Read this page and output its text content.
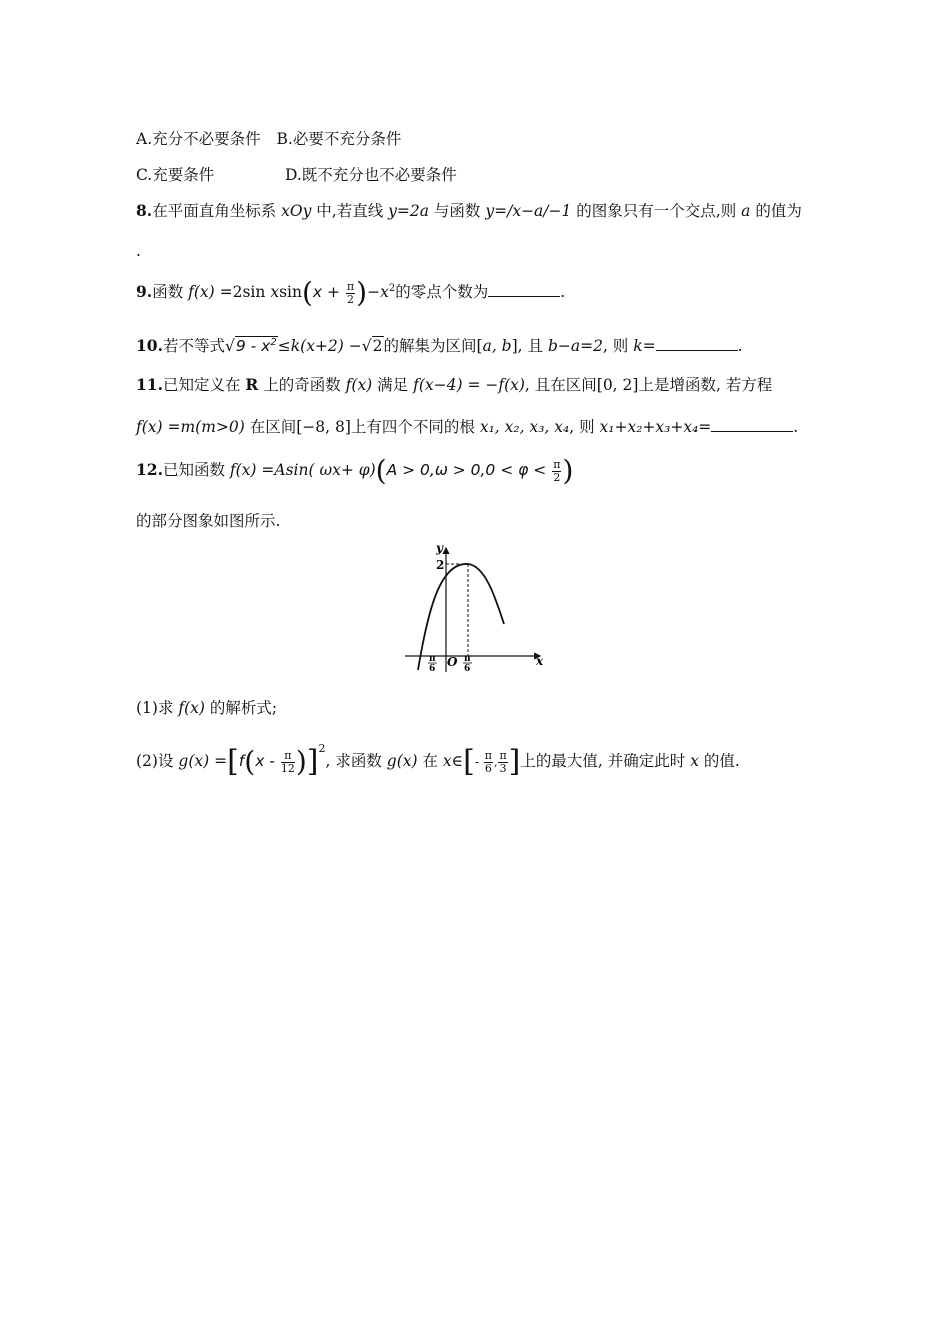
A.充分不必要条件 B.必要不充分条件
C.充要条件	D.既不充分也不必要条件
8.在平面直角坐标系 xOy 中,若直线 y=2a 与函数 y=/x−a/−1 的图象只有一个交点,则 a 的值为
.
9.函数 f(x) =2sin $xsin(x + \frac{\pi}{2} )-x^2$的零点个数为	.
10.若不等式$√9 - x^2\le k(x+2) -√2$的解集为区间[a, b], 且 b−a=2, 则 k=	.
11.已知定义在 R 上的奇函数 f(x) 满足 f(x−4) = −f(x), 且在区间[0, 2]上是增函数, 若方程
f(x) =m(m>0) 在区间[−8, 8]上有四个不同的根 x₁, x₂, x₃, x₄, 则 x₁+x₂+x₃+x₄=	.
12.已知函数 f(x) =Asin( $\omega x+ \varphi)(A > 0,\omega > 0,0 < \varphi < \frac{\pi}{2}$ )
的部分图象如图所示.
y
x
O
2
π
6
π
6
(1)求 f(x) 的解析式;
(2)设 $g(x) =[f(x - \frac{\pi}{12} )]^2$, 求函数 g(x) 在 x∈[- $\frac{\pi}{6}$ , $\frac{\pi}{3}$ ]上的最大值, 并确定此时 x 的值.
